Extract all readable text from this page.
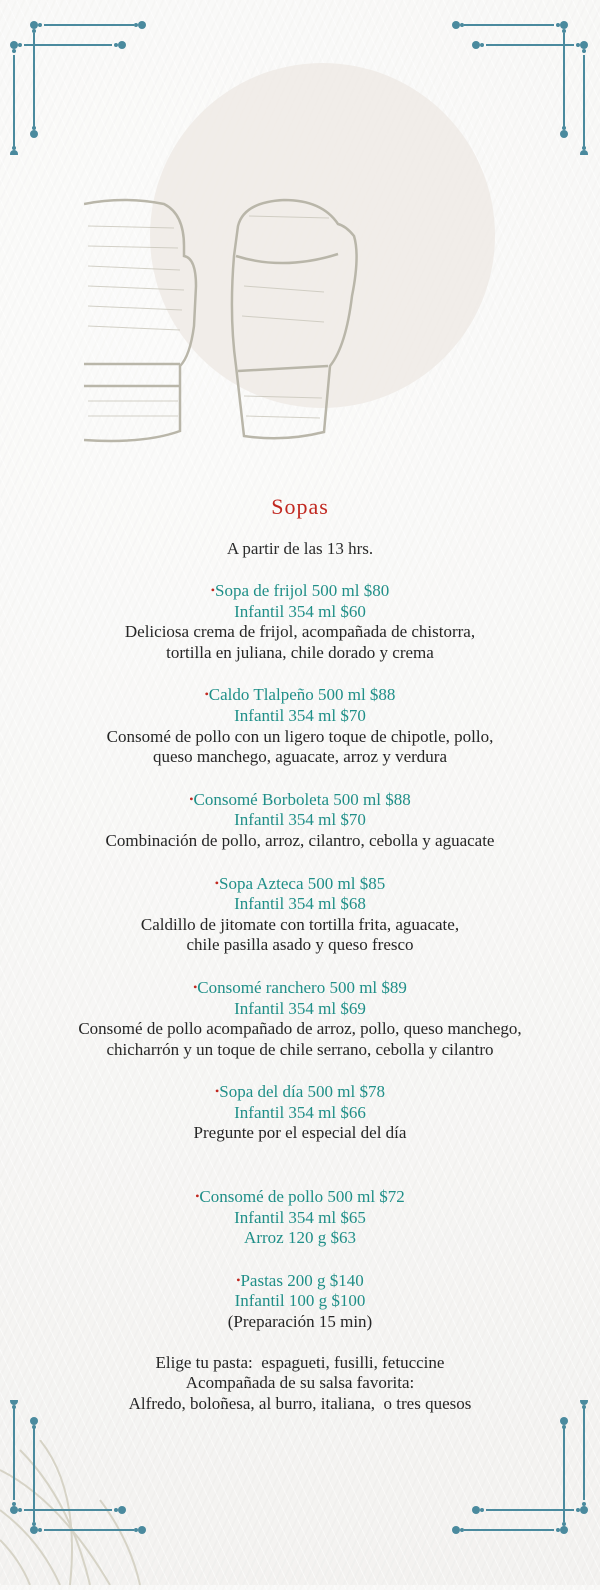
Sopas
A partir de las 13 hrs.
•Sopa de frijol 500 ml $80
Infantil 354 ml $60
Deliciosa crema de frijol, acompañada de chistorra,
tortilla en juliana, chile dorado y crema
•Caldo Tlalpeño 500 ml $88
Infantil 354 ml $70
Consomé de pollo con un ligero toque de chipotle, pollo,
queso manchego, aguacate, arroz y verdura
•Consomé Borboleta 500 ml $88
Infantil 354 ml $70
Combinación de pollo, arroz, cilantro, cebolla y aguacate
•Sopa Azteca 500 ml $85
Infantil 354 ml $68
Caldillo de jitomate con tortilla frita, aguacate,
chile pasilla asado y queso fresco
•Consomé ranchero 500 ml $89
Infantil 354 ml $69
Consomé de pollo acompañado de arroz, pollo, queso manchego,
chicharrón y un toque de chile serrano, cebolla y cilantro
•Sopa del día 500 ml $78
Infantil 354 ml $66
Pregunte por el especial del día
•Consomé de pollo 500 ml $72
Infantil 354 ml $65
Arroz 120 g $63
•Pastas 200 g $140
Infantil 100 g $100
(Preparación 15 min)
Elige tu pasta:  espagueti, fusilli, fetuccine
Acompañada de su salsa favorita:
Alfredo, boloñesa, al burro, italiana,  o tres quesos
